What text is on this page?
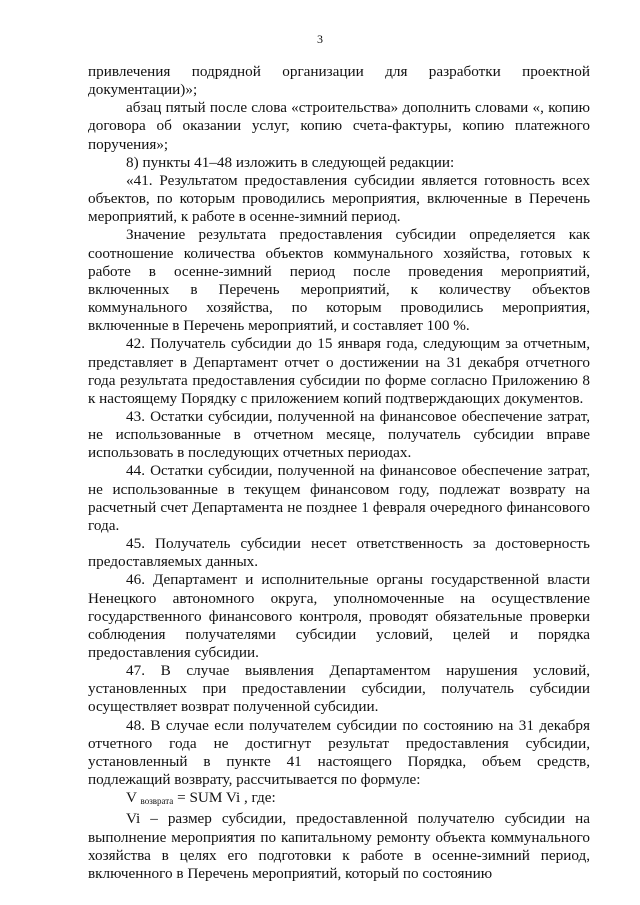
3

привлечения подрядной организации для разработки проектной документации)»;

абзац пятый после слова «строительства» дополнить словами «, копию договора об оказании услуг, копию счета-фактуры, копию платежного поручения»;

8) пункты 41–48 изложить в следующей редакции:

«41. Результатом предоставления субсидии является готовность всех объектов, по которым проводились мероприятия, включенные в Перечень мероприятий, к работе в осенне-зимний период.

Значение результата предоставления субсидии определяется как соотношение количества объектов коммунального хозяйства, готовых к работе в осенне-зимний период после проведения мероприятий, включенных в Перечень мероприятий, к количеству объектов коммунального хозяйства, по которым проводились мероприятия, включенные в Перечень мероприятий, и составляет 100 %.

42. Получатель субсидии до 15 января года, следующим за отчетным, представляет в Департамент отчет о достижении на 31 декабря отчетного года результата предоставления субсидии по форме согласно Приложению 8 к настоящему Порядку с приложением копий подтверждающих документов.

43. Остатки субсидии, полученной на финансовое обеспечение затрат, не использованные в отчетном месяце, получатель субсидии вправе использовать в последующих отчетных периодах.

44. Остатки субсидии, полученной на финансовое обеспечение затрат, не использованные в текущем финансовом году, подлежат возврату на расчетный счет Департамента не позднее 1 февраля очередного финансового года.

45. Получатель субсидии несет ответственность за достоверность предоставляемых данных.

46. Департамент и исполнительные органы государственной власти Ненецкого автономного округа, уполномоченные на осуществление государственного финансового контроля, проводят обязательные проверки соблюдения получателями субсидии условий, целей и порядка предоставления субсидии.

47. В случае выявления Департаментом нарушения условий, установленных при предоставлении субсидии, получатель субсидии осуществляет возврат полученной субсидии.

48. В случае если получателем субсидии по состоянию на 31 декабря отчетного года не достигнут результат предоставления субсидии, установленный в пункте 41 настоящего Порядка, объем средств, подлежащий возврату, рассчитывается по формуле:

V $_{возврата}$ = SUM Vi , где:

Vi – размер субсидии, предоставленной получателю субсидии на выполнение мероприятия по капитальному ремонту объекта коммунального хозяйства в целях его подготовки к работе в осенне-зимний период, включенного в Перечень мероприятий, который по состоянию
